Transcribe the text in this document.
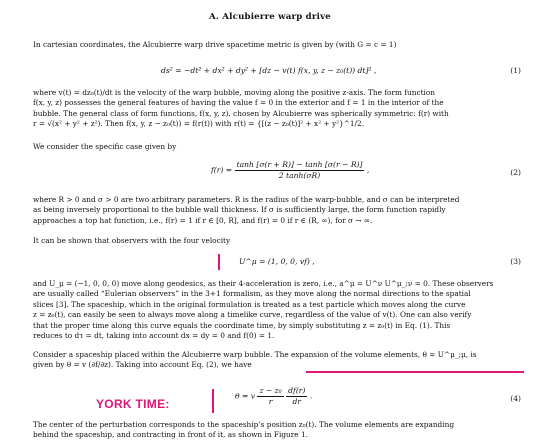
A. Alcubierre warp drive
In cartesian coordinates, the Alcubierre warp drive spacetime metric is given by (with G = c = 1)
ds² = −dt² + dx² + dy² + [dz − v(t) f(x, y, z − z₀(t)) dt]² ,	(1)
where v(t) = dz₀(t)/dt is the velocity of the warp bubble, moving along the positive z-axis. The form function
f(x, y, z) possesses the general features of having the value f = 0 in the exterior and f = 1 in the interior of the
bubble. The general class of form functions, f(x, y, z), chosen by Alcubierre was spherically symmetric: f(r) with
r = √(x² + y² + z²). Then f(x, y, z − z₀(t)) = f(r(t)) with r(t) = {[(z − z₀(t)]² + x² + y²}^1/2.
We consider the specific case given by
$f(r) = \frac{\tanh [\sigma(r + R)] - \tanh [\sigma(r - R)]}{2 \tanh(\sigma R)}$ ,	(2)
where R > 0 and σ > 0 are two arbitrary parameters. R is the radius of the warp-bubble, and σ can be interpreted
as being inversely proportional to the bubble wall thickness. If σ is sufficiently large, the form function rapidly
approaches a top hat function, i.e., f(r) = 1 if r ∈ [0, R], and f(r) = 0 if r ∈ (R, ∞), for σ → ∞.
It can be shown that observers with the four velocity
U^μ = (1, 0, 0, vf) ,	(3)
and U_μ = (−1, 0, 0, 0) move along geodesics, as their 4-acceleration is zero, i.e., a^μ = U^ν U^μ_;ν = 0. These observers
are usually called “Eulerian observers” in the 3+1 formalism, as they move along the normal directions to the spatial
slices [3]. The spaceship, which in the original formulation is treated as a test particle which moves along the curve
z = z₀(t), can easily be seen to always move along a timelike curve, regardless of the value of v(t). One can also verify
that the proper time along this curve equals the coordinate time, by simply substituting z = z₀(t) in Eq. (1). This
reduces to dτ = dt, taking into account dx = dy = 0 and f(0) = 1.
Consider a spaceship placed within the Alcubierre warp bubble. The expansion of the volume elements, θ = U^μ_;μ, is
given by θ = v (∂f/∂z). Taking into account Eq. (2), we have
YORK TIME:
θ = v $\frac{\text{z − z₀}}{r}$
$\frac{df(r)}{dr}$ .	(4)
The center of the perturbation corresponds to the spaceship’s position z₀(t). The volume elements are expanding
behind the spaceship, and contracting in front of it, as shown in Figure 1.
